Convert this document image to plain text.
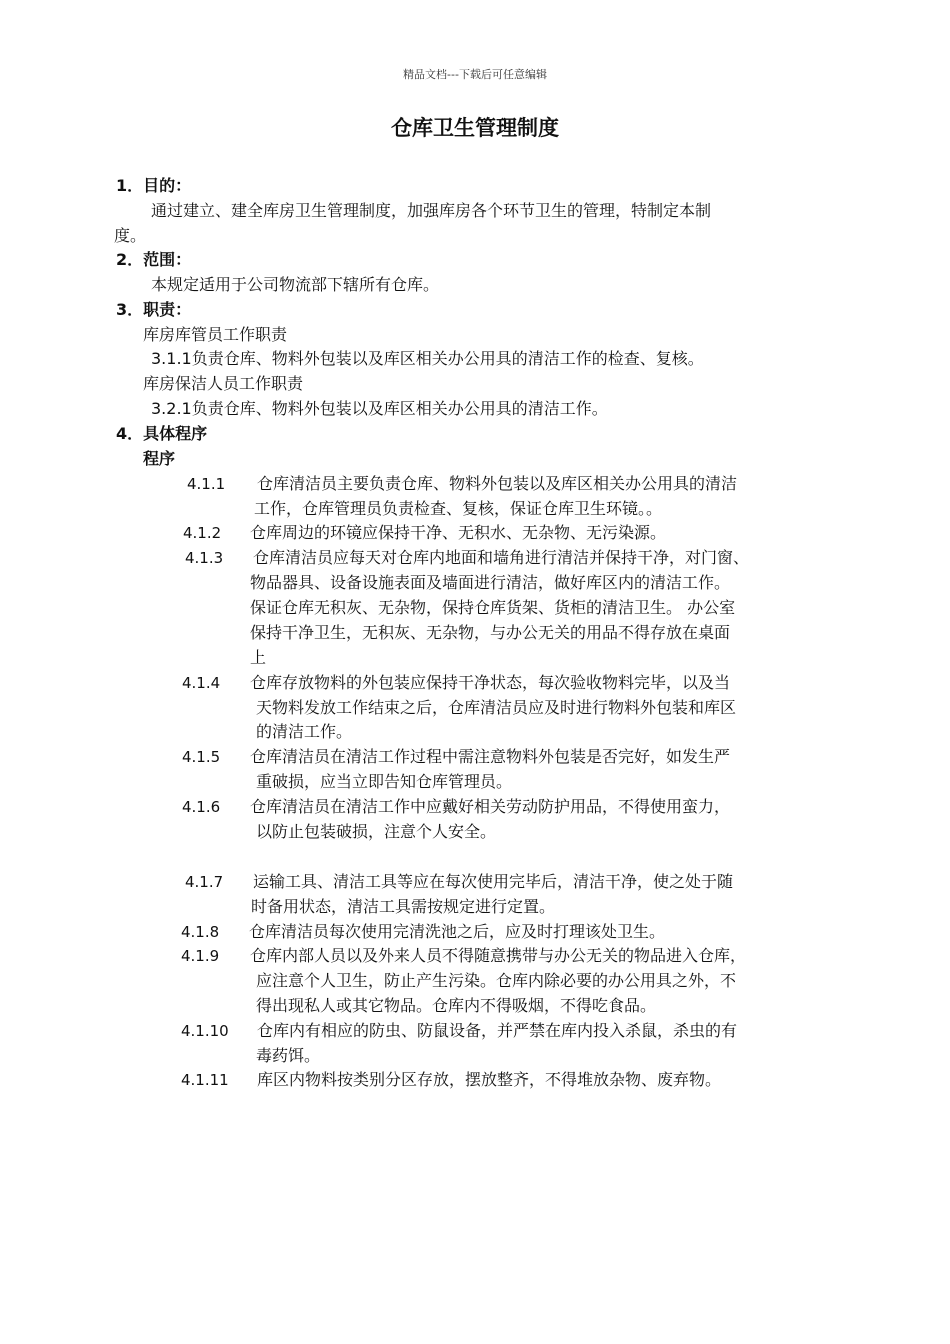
精品文档---下载后可任意编辑
仓库卫生管理制度
1．目的：
通过建立、建全库房卫生管理制度，加强库房各个环节卫生的管理，特制定本制
度。
2．范围：
本规定适用于公司物流部下辖所有仓库。
3．职责：
库房库管员工作职责
3.1.1负责仓库、物料外包装以及库区相关办公用具的清洁工作的检查、复核。
库房保洁人员工作职责
3.2.1负责仓库、物料外包装以及库区相关办公用具的清洁工作。
4．具体程序
程序
4.1.1 仓库清洁员主要负责仓库、物料外包装以及库区相关办公用具的清洁
工作，仓库管理员负责检查、复核，保证仓库卫生环镜。。
4.1.2 仓库周边的环镜应保持干净、无积水、无杂物、无污染源。
4.1.3 仓库清洁员应每天对仓库内地面和墙角进行清洁并保持干净，对门窗、
物品器具、设备设施表面及墙面进行清洁，做好库区内的清洁工作。
保证仓库无积灰、无杂物，保持仓库货架、货柜的清洁卫生。 办公室
保持干净卫生，无积灰、无杂物，与办公无关的用品不得存放在桌面
上
4.1.4 仓库存放物料的外包装应保持干净状态，每次验收物料完毕，以及当
天物料发放工作结束之后，仓库清洁员应及时进行物料外包装和库区
的清洁工作。
4.1.5 仓库清洁员在清洁工作过程中需注意物料外包装是否完好，如发生严
重破损，应当立即告知仓库管理员。
4.1.6 仓库清洁员在清洁工作中应戴好相关劳动防护用品，不得使用蛮力，
以防止包装破损，注意个人安全。
4.1.7 运输工具、清洁工具等应在每次使用完毕后，清洁干净，使之处于随
时备用状态，清洁工具需按规定进行定置。
4.1.8 仓库清洁员每次使用完清洗池之后，应及时打理该处卫生。
4.1.9 仓库内部人员以及外来人员不得随意携带与办公无关的物品进入仓库，
应注意个人卫生，防止产生污染。仓库内除必要的办公用具之外，不
得出现私人或其它物品。仓库内不得吸烟，不得吃食品。
4.1.10 仓库内有相应的防虫、防鼠设备，并严禁在库内投入杀鼠，杀虫的有
毒药饵。
4.1.11 库区内物料按类别分区存放，摆放整齐，不得堆放杂物、废弃物。
